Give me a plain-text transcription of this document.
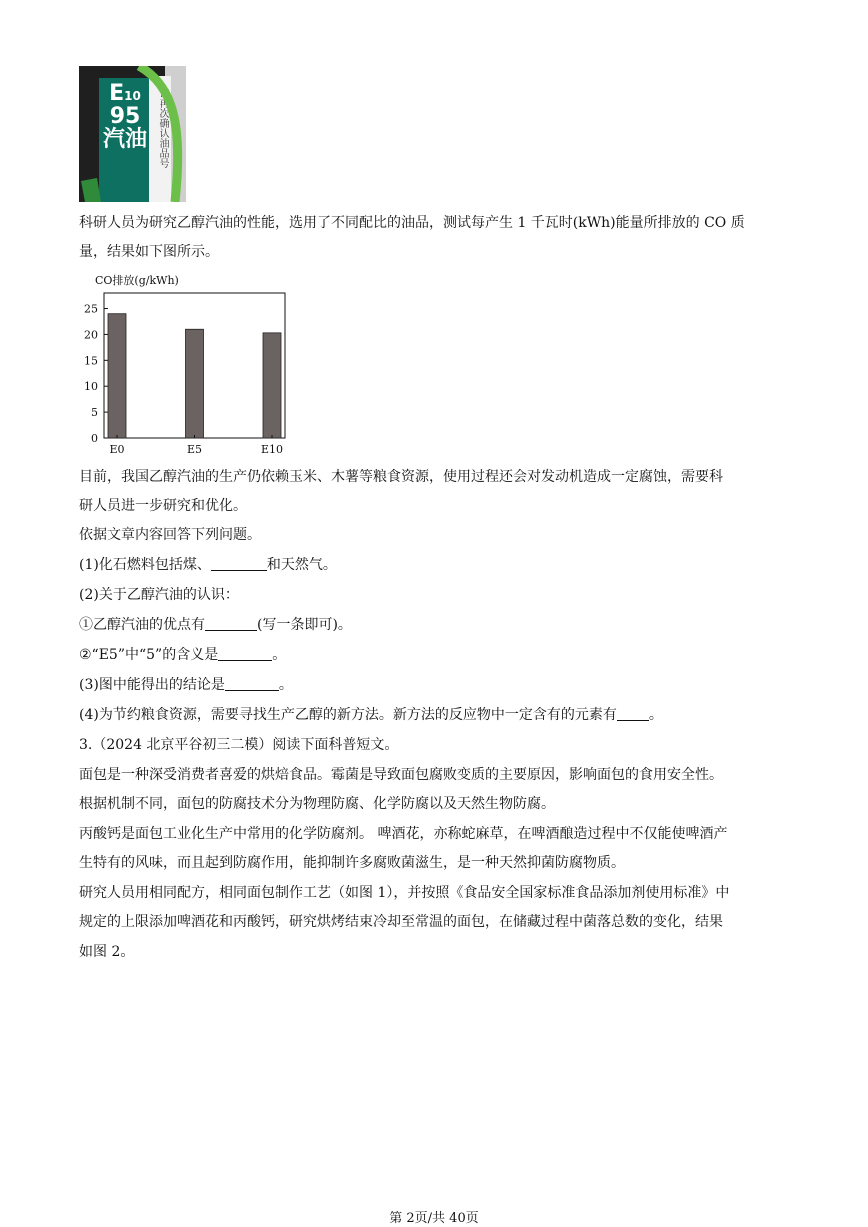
E10
95
汽油 请再次确认油品号
科研人员为研究乙醇汽油的性能，选用了不同配比的油品，测试每产生 1 千瓦时(kWh)能量所排放的 CO 质
量，结果如下图所示。
CO排放(g/kWh)
0
5
10
15
20
25
E0	E5	E10
目前，我国乙醇汽油的生产仍依赖玉米、木薯等粮食资源，使用过程还会对发动机造成一定腐蚀，需要科
研人员进一步研究和优化。
依据文章内容回答下列问题。
(1)化石燃料包括煤、	和天然气。
(2)关于乙醇汽油的认识：
①乙醇汽油的优点有	(写一条即可)。
②“E5”中“5”的含义是	。
(3)图中能得出的结论是	。
(4)为节约粮食资源，需要寻找生产乙醇的新方法。新方法的反应物中一定含有的元素有 。
3.（2024 北京平谷初三二模）阅读下面科普短文。
面包是一种深受消费者喜爱的烘焙食品。霉菌是导致面包腐败变质的主要原因，影响面包的食用安全性。
根据机制不同，面包的防腐技术分为物理防腐、化学防腐以及天然生物防腐。
丙酸钙是面包工业化生产中常用的化学防腐剂。 啤酒花，亦称蛇麻草，在啤酒酿造过程中不仅能使啤酒产
生特有的风味，而且起到防腐作用，能抑制许多腐败菌滋生，是一种天然抑菌防腐物质。
研究人员用相同配方，相同面包制作工艺（如图 1），并按照《食品安全国家标准食品添加剂使用标准》中
规定的上限添加啤酒花和丙酸钙，研究烘烤结束冷却至常温的面包，在储藏过程中菌落总数的变化，结果
如图 2。
第 2页/共 40页
